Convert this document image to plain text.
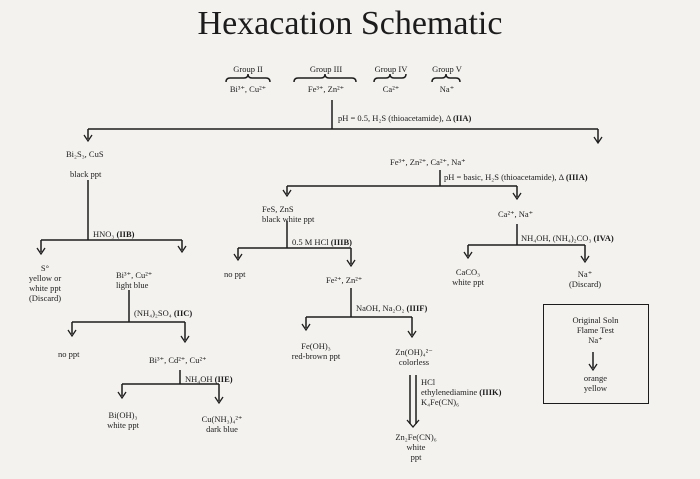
Hexacation Schematic
Group II
Bi³⁺, Cu²⁺
Group III
Fe³⁺, Zn²⁺
Group IV
Ca²⁺
Group V
Na⁺
pH = 0.5, H₂S (thioacetamide), Δ (IIA)
Bi₂S₃, CuS
black ppt
Fe³⁺, Zn²⁺, Ca²⁺, Na⁺
pH = basic, H₂S (thioacetamide), Δ (IIIA)
FeS, ZnS
black white ppt
0.5 M HCl (IIIB)
Ca²⁺, Na⁺
NH₄OH, (NH₄)₂CO₃ (IVA)
HNO₃ (IIB)
S°
yellow or
white ppt
(Discard)
Bi³⁺, Cu²⁺
light blue
no ppt
Fe²⁺, Zn²⁺
CaCO₃
white ppt
Na⁺
(Discard)
(NH₄)₂SO₄ (IIC)
no ppt
Bi³⁺, Cd²⁺, Cu²⁺
NaOH, Na₂O₂ (IIIF)
Fe(OH)₃
red-brown ppt	Zn(OH)₄²⁻
colorless
NH₄OH (IIE)
Bi(OH)₃
white ppt
Cu(NH₃)₄²⁺
dark blue
HCl
ethylenediamine (IIIK)
K₄Fe(CN)₆
Zn₂Fe(CN)₆
white
ppt
Original Soln
Flame Test
Na⁺
orange
yellow
